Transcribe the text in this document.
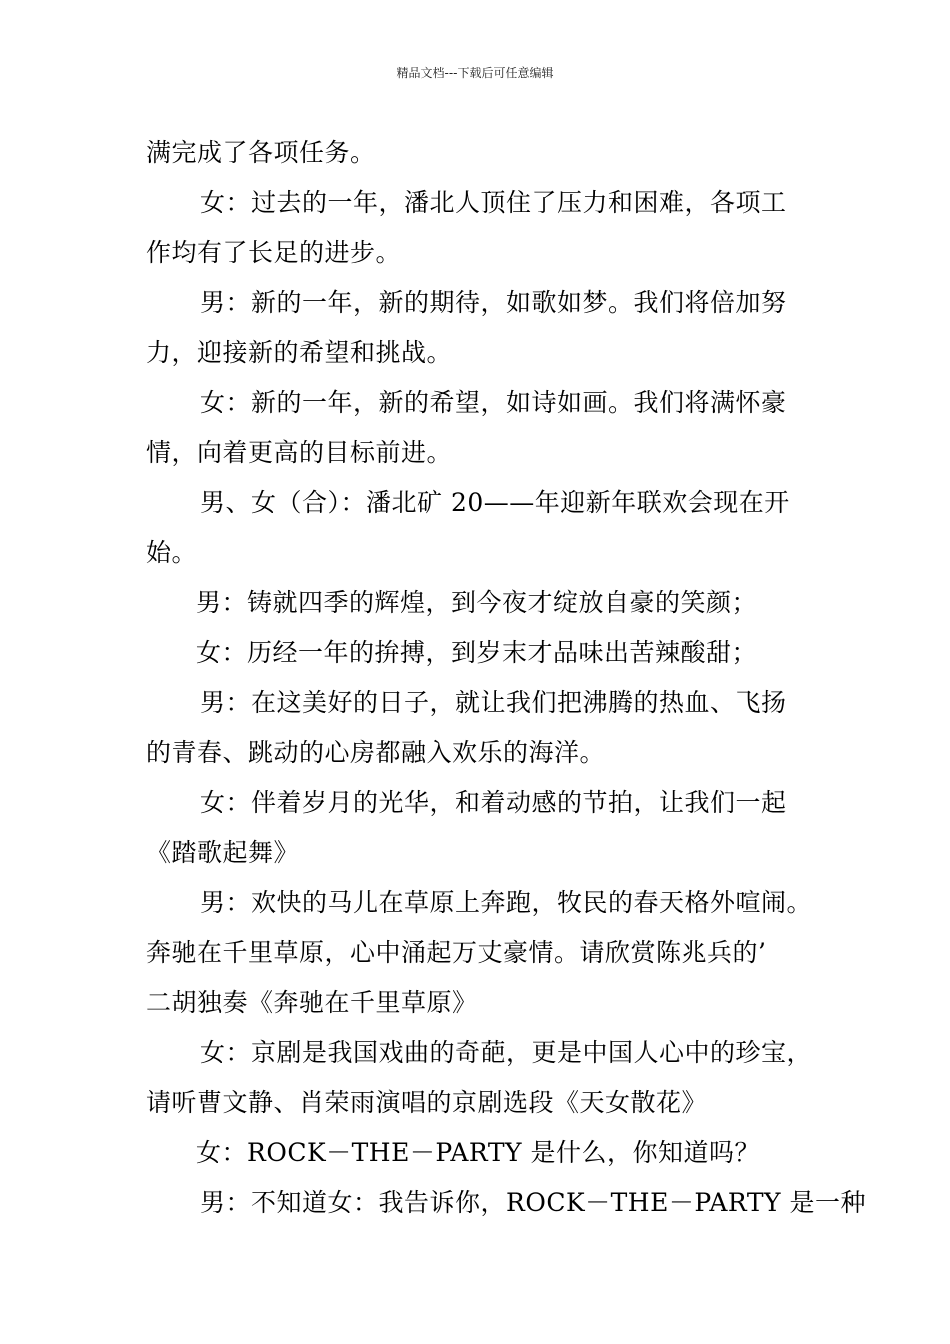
精品文档---下载后可任意编辑
满完成了各项任务。
女：过去的一年，潘北人顶住了压力和困难，各项工
作均有了长足的进步。
男：新的一年，新的期待，如歌如梦。我们将倍加努
力，迎接新的希望和挑战。
女：新的一年，新的希望，如诗如画。我们将满怀豪
情，向着更高的目标前进。
男、女（合）：潘北矿 20——年迎新年联欢会现在开
始。
男：铸就四季的辉煌，到今夜才绽放自豪的笑颜；
女：历经一年的拚搏，到岁末才品味出苦辣酸甜；
男：在这美好的日子，就让我们把沸腾的热血、飞扬
的青春、跳动的心房都融入欢乐的海洋。
女：伴着岁月的光华，和着动感的节拍，让我们一起
《踏歌起舞》
男：欢快的马儿在草原上奔跑，牧民的春天格外喧闹。
奔驰在千里草原，心中涌起万丈豪情。请欣赏陈兆兵的’
二胡独奏《奔驰在千里草原》
女：京剧是我国戏曲的奇葩，更是中国人心中的珍宝，
请听曹文静、肖荣雨演唱的京剧选段《天女散花》
女：ROCK－THE－PARTY 是什么，你知道吗？
男：不知道女：我告诉你，ROCK－THE－PARTY 是一种
